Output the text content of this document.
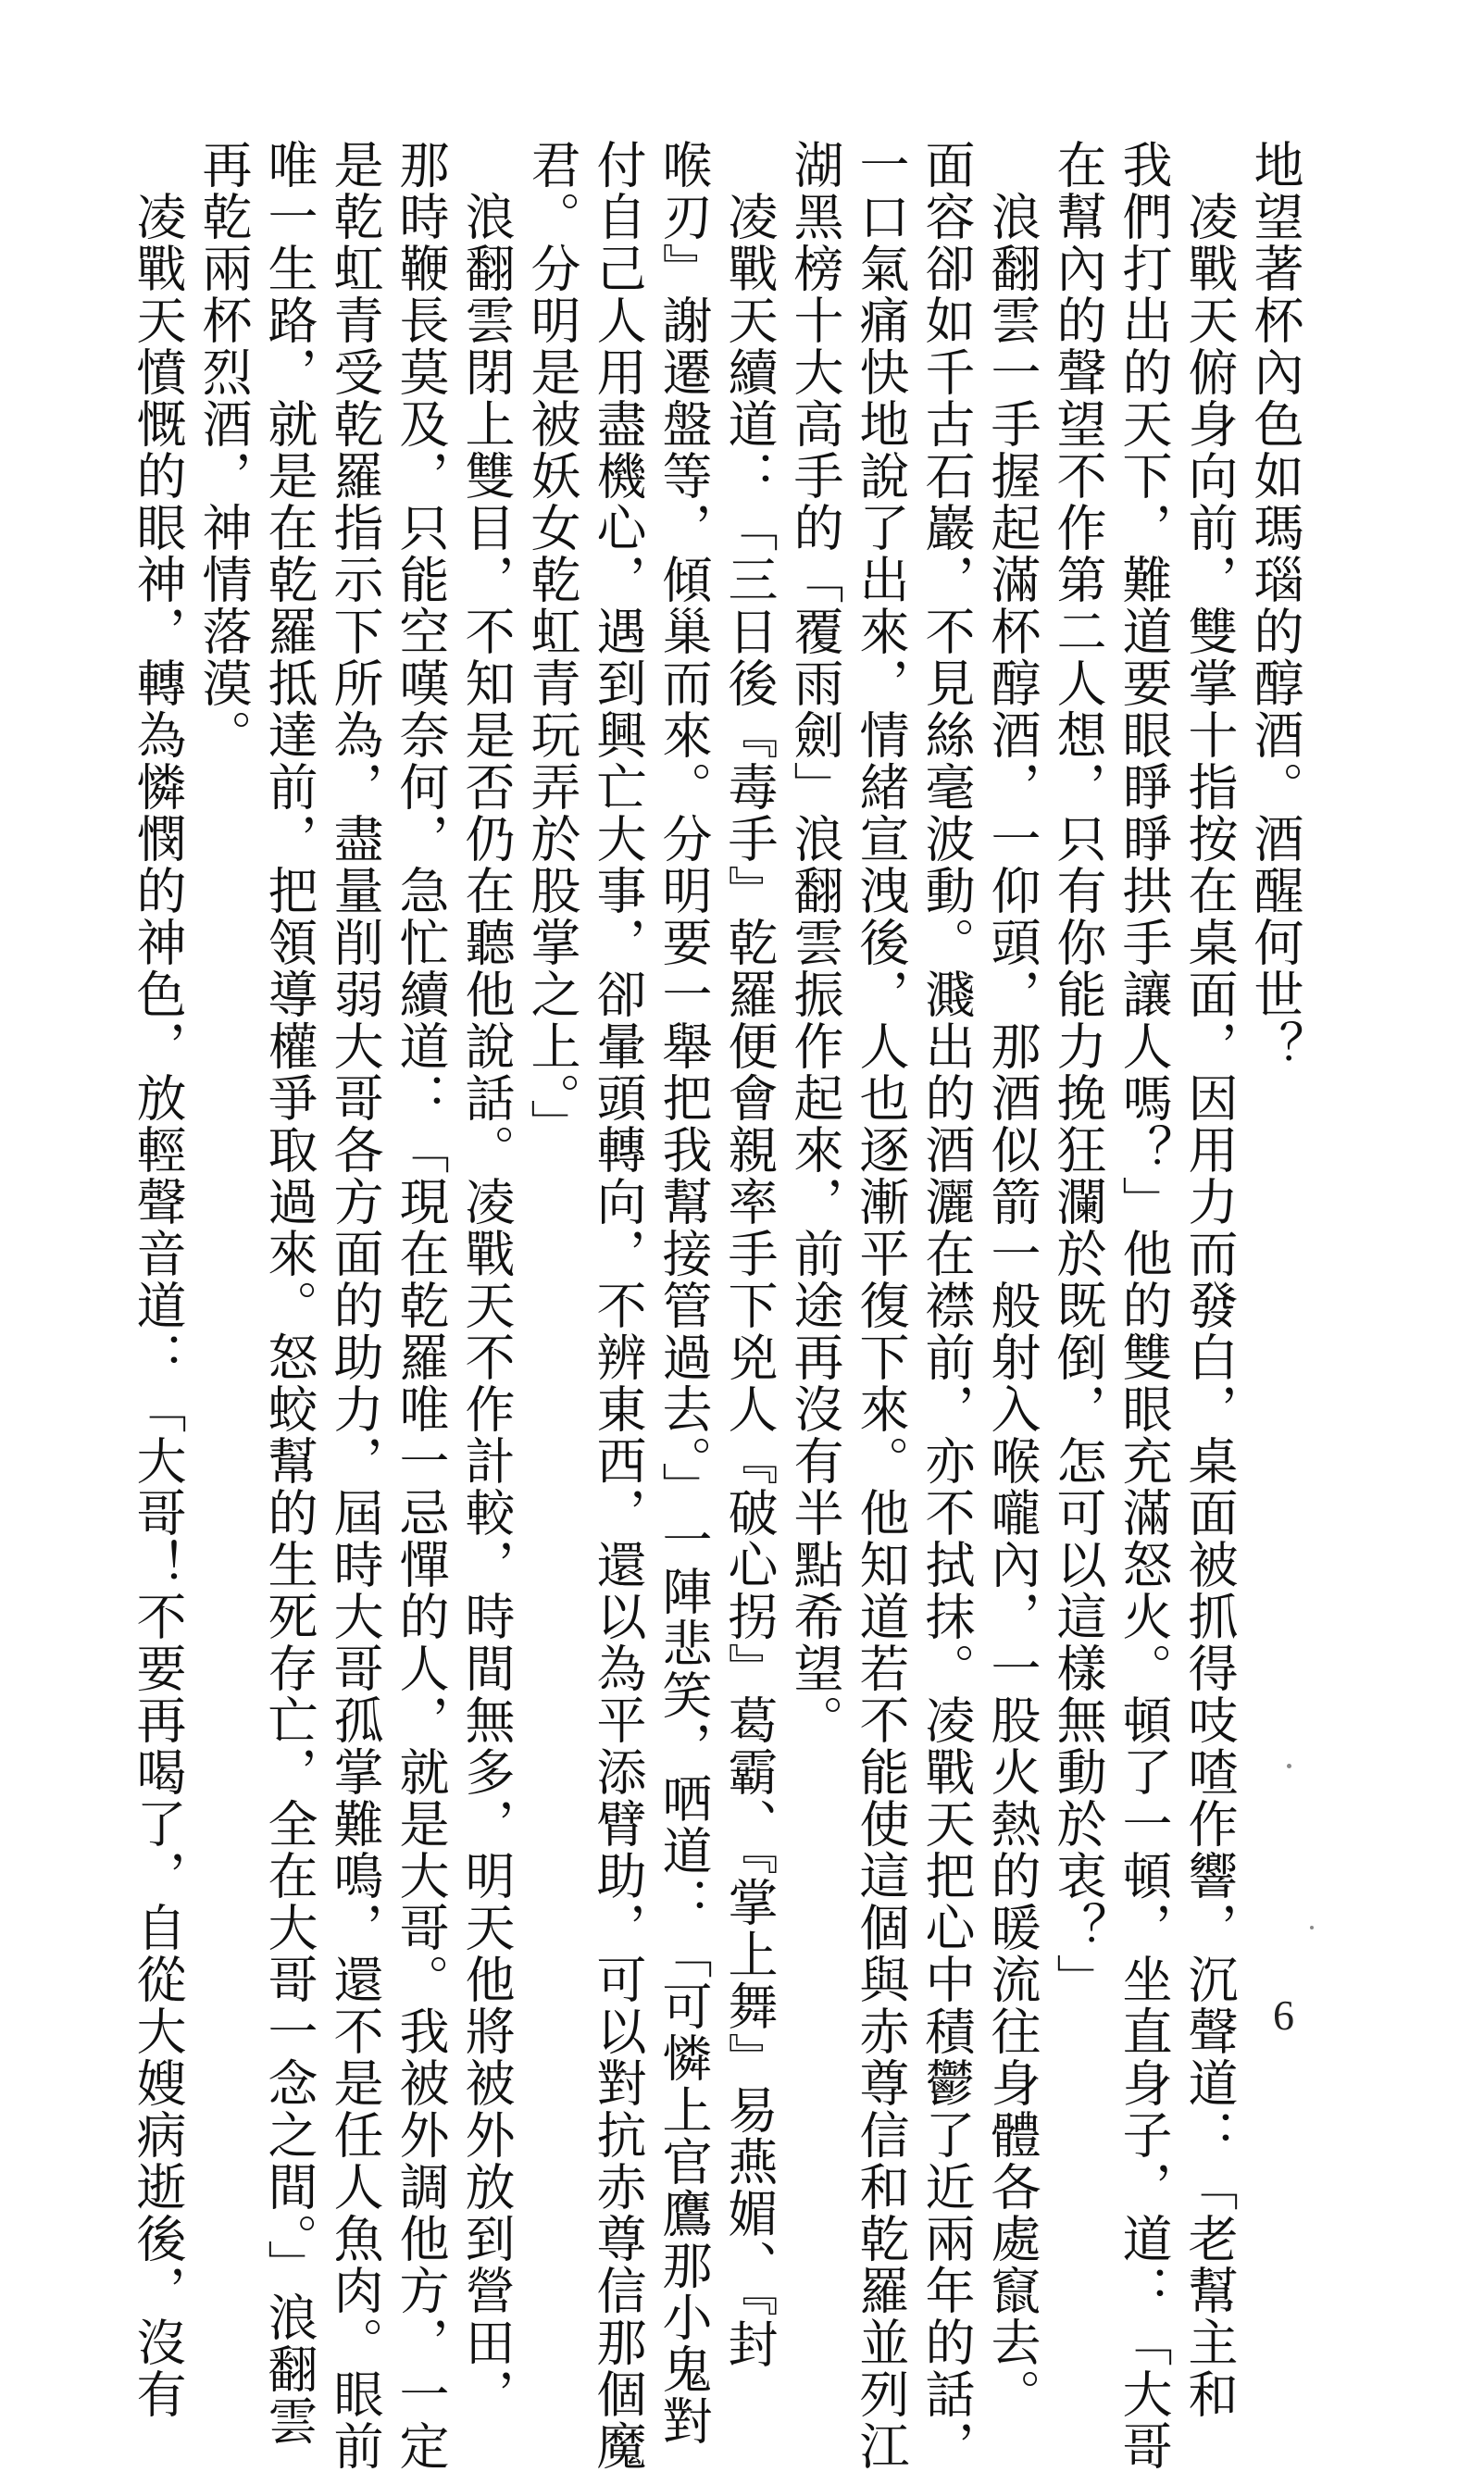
地望著杯內色如瑪瑙的醇酒。酒醒何世？

　凌戰天俯身向前，雙掌十指按在桌面，因用力而發白，桌面被抓得吱喳作響，沉聲道：「老幫主和

我們打出的天下，難道要眼睜睜拱手讓人嗎？」他的雙眼充滿怒火。頓了一頓，坐直身子，道：「大哥

在幫內的聲望不作第二人想，只有你能力挽狂瀾於既倒，怎可以這樣無動於衷？」

　浪翻雲一手握起滿杯醇酒，一仰頭，那酒似箭一般射入喉嚨內，一股火熱的暖流往身體各處竄去。

面容卻如千古石巖，不見絲毫波動。濺出的酒灑在襟前，亦不拭抹。凌戰天把心中積鬱了近兩年的話，

一口氣痛快地說了出來，情緒宣洩後，人也逐漸平復下來。他知道若不能使這個與赤尊信和乾羅並列江

湖黑榜十大高手的「覆雨劍」浪翻雲振作起來，前途再沒有半點希望。

　凌戰天續道：「三日後『毒手』乾羅便會親率手下兇人『破心拐』葛霸、『掌上舞』易燕媚、『封

喉刃』謝遷盤等，傾巢而來。分明要一舉把我幫接管過去。」一陣悲笑，哂道：「可憐上官鷹那小鬼對

付自己人用盡機心，遇到興亡大事，卻暈頭轉向，不辨東西，還以為平添臂助，可以對抗赤尊信那個魔

君。分明是被妖女乾虹青玩弄於股掌之上。」

　浪翻雲閉上雙目，不知是否仍在聽他說話。凌戰天不作計較，時間無多，明天他將被外放到營田，

那時鞭長莫及，只能空嘆奈何，急忙續道：「現在乾羅唯一忌憚的人，就是大哥。我被外調他方，一定

是乾虹青受乾羅指示下所為，盡量削弱大哥各方面的助力，屆時大哥孤掌難鳴，還不是任人魚肉。眼前

唯一生路，就是在乾羅抵達前，把領導權爭取過來。怒蛟幫的生死存亡，全在大哥一念之間。」浪翻雲

再乾兩杯烈酒，神情落漠。

　凌戰天憤慨的眼神，轉為憐憫的神色，放輕聲音道：「大哥！不要再喝了，自從大嫂病逝後，沒有	6
